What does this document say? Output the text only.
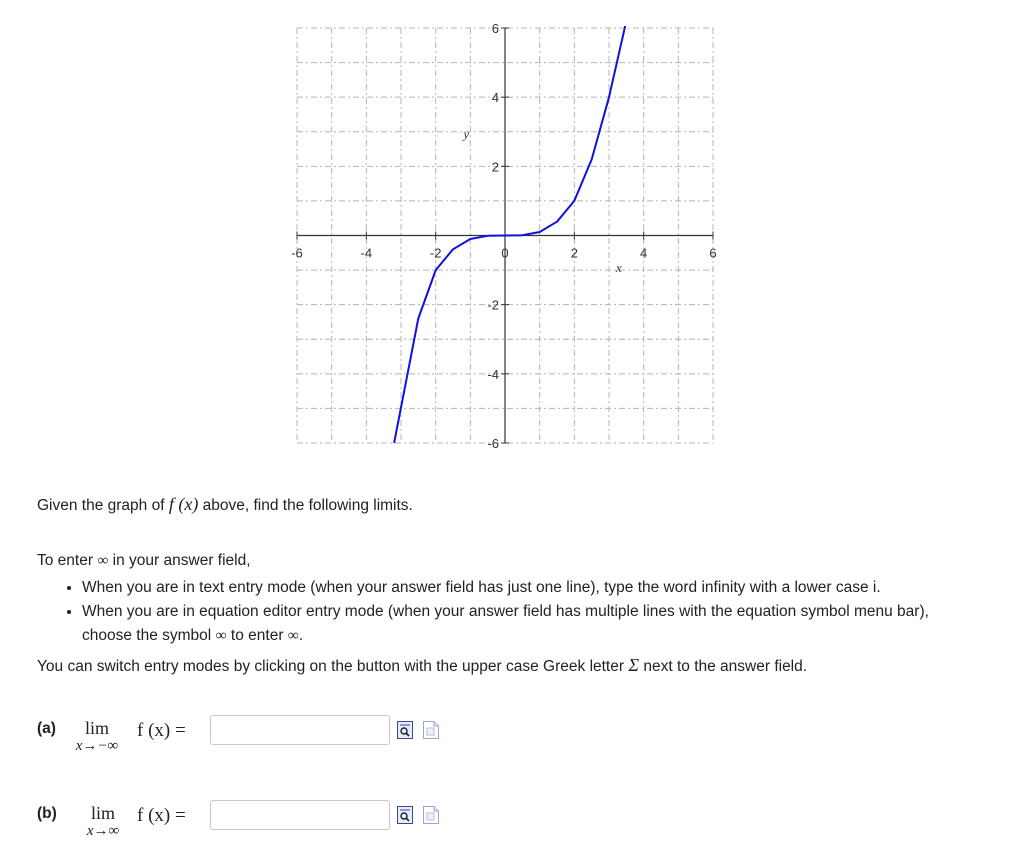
-6	-4	-2	0	2	4	6
6
4
2
-2
-4
-6
x
y
Given the graph of f (x) above, find the following limits.
To enter ∞ in your answer field,
• When you are in text entry mode (when your answer field has just one line), type the word infinity with a lower case i.
• When you are in equation editor entry mode (when your answer field has multiple lines with the equation symbol menu bar), choose the symbol ∞ to enter ∞.
You can switch entry modes by clicking on the button with the upper case Greek letter Σ next to the answer field.
(a)	lim
x→−∞
f (x) =
(b)	lim
x→∞
f (x) =
